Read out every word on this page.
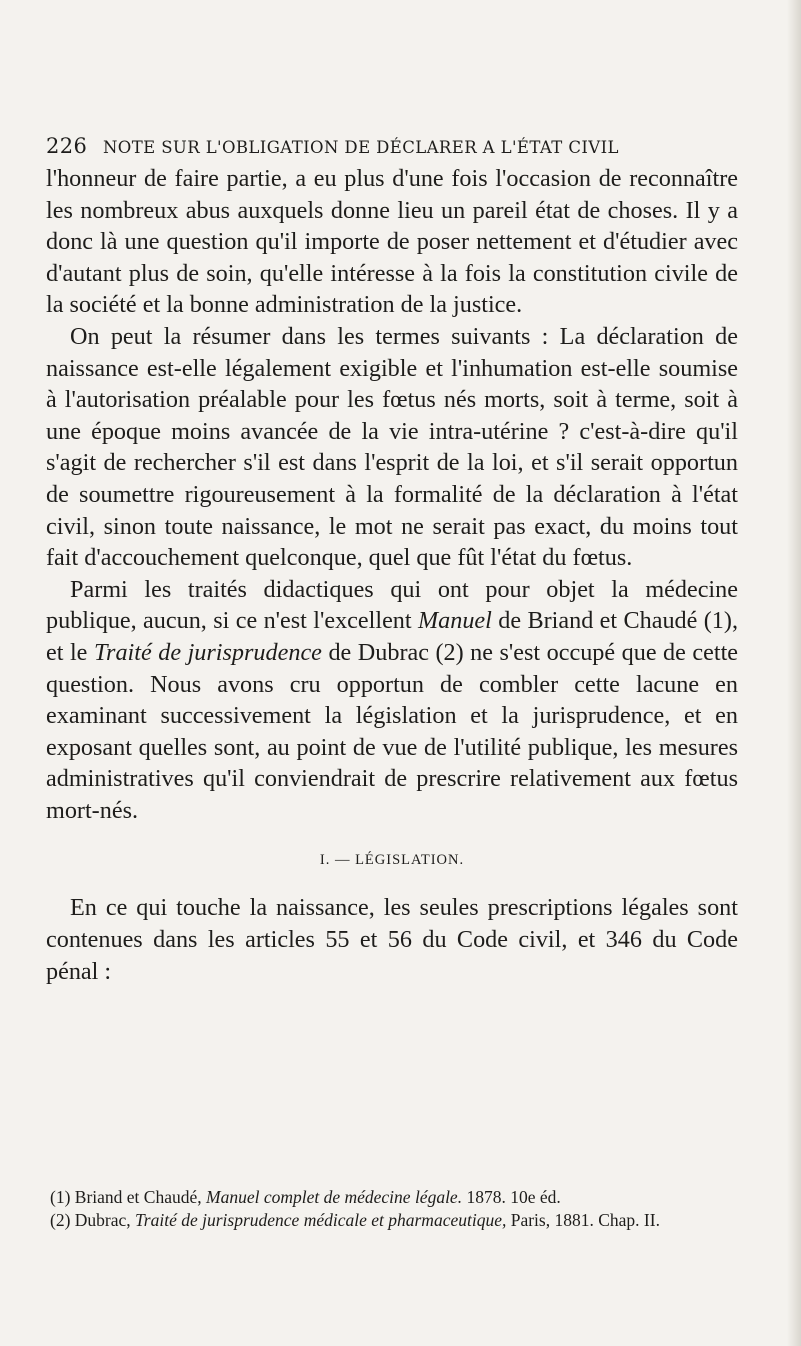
226 NOTE SUR L'OBLIGATION DE DÉCLARER A L'ÉTAT CIVIL

l'honneur de faire partie, a eu plus d'une fois l'occasion de reconnaître les nombreux abus auxquels donne lieu un pareil état de choses. Il y a donc là une question qu'il importe de poser nettement et d'étudier avec d'autant plus de soin, qu'elle intéresse à la fois la constitution civile de la société et la bonne administration de la justice.

On peut la résumer dans les termes suivants : La déclaration de naissance est-elle légalement exigible et l'inhumation est-elle soumise à l'autorisation préalable pour les fœtus nés morts, soit à terme, soit à une époque moins avancée de la vie intra-utérine ? c'est-à-dire qu'il s'agit de rechercher s'il est dans l'esprit de la loi, et s'il serait opportun de soumettre rigoureusement à la formalité de la déclaration à l'état civil, sinon toute naissance, le mot ne serait pas exact, du moins tout fait d'accouchement quelconque, quel que fût l'état du fœtus.

Parmi les traités didactiques qui ont pour objet la médecine publique, aucun, si ce n'est l'excellent Manuel de Briand et Chaudé (1), et le Traité de jurisprudence de Dubrac (2) ne s'est occupé que de cette question. Nous avons cru opportun de combler cette lacune en examinant successivement la législation et la jurisprudence, et en exposant quelles sont, au point de vue de l'utilité publique, les mesures administratives qu'il conviendrait de prescrire relativement aux fœtus mort-nés.

I. — LÉGISLATION.

En ce qui touche la naissance, les seules prescriptions légales sont contenues dans les articles 55 et 56 du Code civil, et 346 du Code pénal :

(1) Briand et Chaudé, Manuel complet de médecine légale. 1878. 10e éd.

(2) Dubrac, Traité de jurisprudence médicale et pharmaceutique, Paris, 1881. Chap. II.
